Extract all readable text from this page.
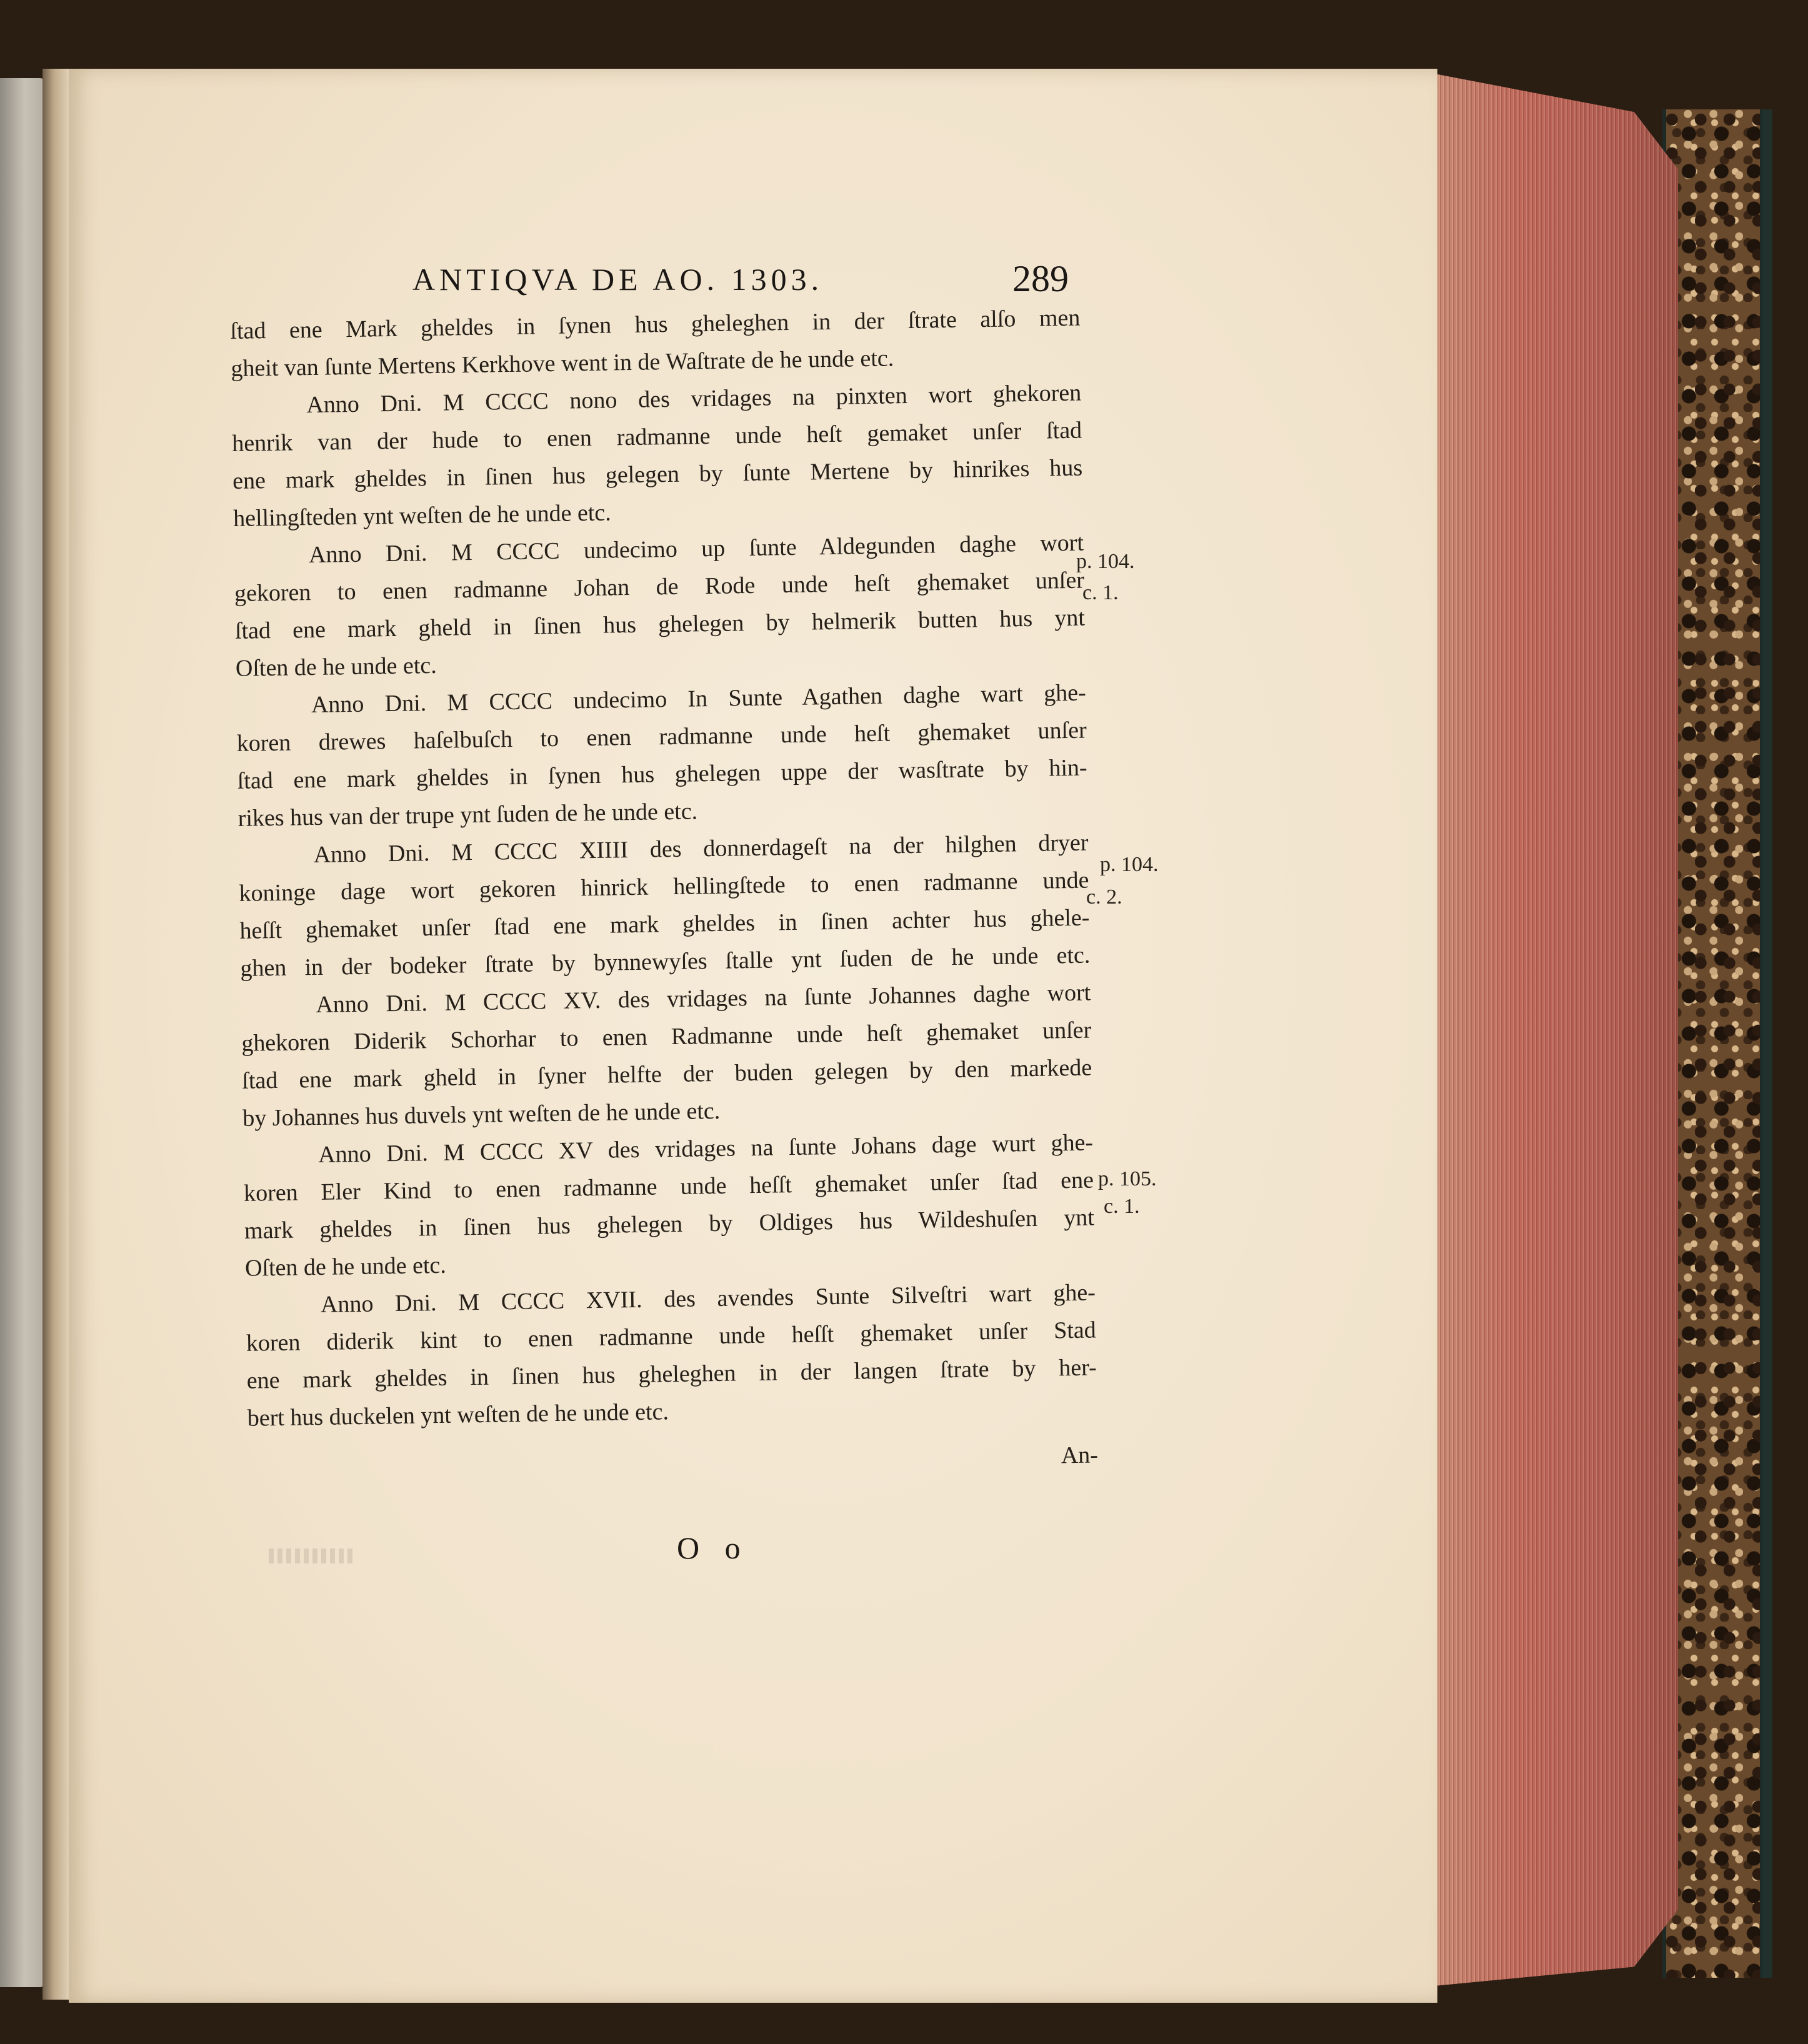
ANTIQVA DE AO. 1303.	289
ſtad ene Mark gheldes in ſynen hus gheleghen in der ſtrate alſo men
gheit van ſunte Mertens Kerkhove went in de Waſtrate de he unde etc.
Anno Dni. M CCCC nono des vridages na pinxten wort ghekoren
henrik van der hude to enen radmanne unde heſt gemaket unſer ſtad
ene mark gheldes in ſinen hus gelegen by ſunte Mertene by hinrikes hus
hellingſteden ynt weſten de he unde etc.
Anno Dni. M CCCC undecimo up ſunte Aldegunden daghe wort
gekoren to enen radmanne Johan de Rode unde heſt ghemaket unſer
ſtad ene mark gheld in ſinen hus ghelegen by helmerik butten hus ynt
Oſten de he unde etc.
Anno Dni. M CCCC undecimo In Sunte Agathen daghe wart ghe-
koren drewes haſelbuſch to enen radmanne unde heſt ghemaket unſer
ſtad ene mark gheldes in ſynen hus ghelegen uppe der wasſtrate by hin-
rikes hus van der trupe ynt ſuden de he unde etc.
Anno Dni. M CCCC XIIII des donnerdageſt na der hilghen dryer
koninge dage wort gekoren hinrick hellingſtede to enen radmanne unde
heſſt ghemaket unſer ſtad ene mark gheldes in ſinen achter hus ghele-
ghen in der bodeker ſtrate by bynnewyſes ſtalle ynt ſuden de he unde etc.
Anno Dni. M CCCC XV. des vridages na ſunte Johannes daghe wort
ghekoren Diderik Schorhar to enen Radmanne unde heſt ghemaket unſer
ſtad ene mark gheld in ſyner helfte der buden gelegen by den markede
by Johannes hus duvels ynt weſten de he unde etc.
Anno Dni. M CCCC XV des vridages na ſunte Johans dage wurt ghe-
koren Eler Kind to enen radmanne unde heſſt ghemaket unſer ſtad ene
mark gheldes in ſinen hus ghelegen by Oldiges hus Wildeshuſen ynt
Oſten de he unde etc.
Anno Dni. M CCCC XVII. des avendes Sunte Silveſtri wart ghe-
koren diderik kint to enen radmanne unde heſſt ghemaket unſer Stad
ene mark gheldes in ſinen hus gheleghen in der langen ſtrate by her-
bert hus duckelen ynt weſten de he unde etc.
An-
p. 104.
c. 1.
p. 104.
c. 2.
p. 105.
c. 1.
O o
